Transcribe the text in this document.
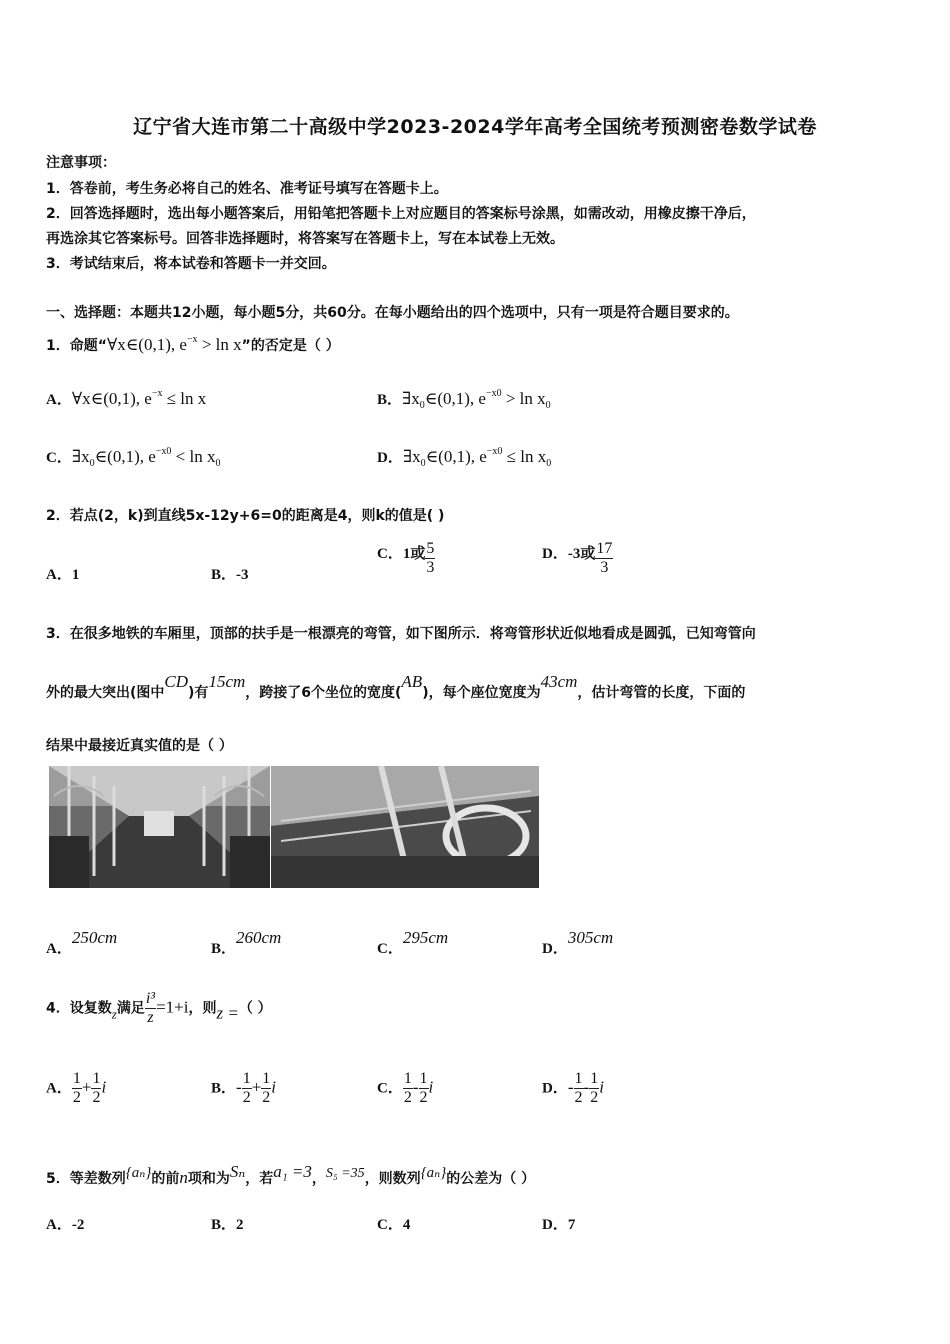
辽宁省大连市第二十高级中学2023-2024学年高考全国统考预测密卷数学试卷
注意事项：
1．答卷前，考生务必将自己的姓名、准考证号填写在答题卡上。
2．回答选择题时，选出每小题答案后，用铅笔把答题卡上对应题目的答案标号涂黑，如需改动，用橡皮擦干净后，
再选涂其它答案标号。回答非选择题时，将答案写在答题卡上，写在本试卷上无效。
3．考试结束后，将本试卷和答题卡一并交回。
一、选择题：本题共12小题，每小题5分，共60分。在每小题给出的四个选项中，只有一项是符合题目要求的。
1．命题“∀x∈(0,1), $e^{-x} > \ln x$”的否定是（ ）
A．∀x∈(0,1), $e^{-x} \le \ln x$	B．$\exists x_0\in(0,1)$, $e^{-x0} > \ln x_0$
C．$\exists x_0\in(0,1)$, $e^{-x0} < \ln x_0$	D．$\exists x_0\in(0,1)$, $e^{-x0} \le \ln x_0$
2．若点(2，k)到直线5x-12y+6=0的距离是4，则k的值是( )
A．1	B．-3
C．1或 $\frac{5}{3}$	D．-3或 $\frac{17}{3}$
3．在很多地铁的车厢里，顶部的扶手是一根漂亮的弯管，如下图所示．将弯管形状近似地看成是圆弧，已知弯管向
外的最大突出(图中CD)有15cm，跨接了6个坐位的宽度(AB)，每个座位宽度为43cm，估计弯管的长度，下面的
结果中最接近真实值的是（ ）
A．250cm
B．260cm
C．295cm
D．305cm
4．设复数z满足 $\frac{\text{i³}}{z} =1+i$，则z =（ ）
A． $\frac{1}{2} + \frac{1}{2}$ i	B．- $\frac{1}{2} + \frac{1}{2}$ i	C． $\frac{1}{2} - \frac{1}{2}$ i	D．- $\frac{1}{2} - \frac{1}{2}$ i
5．等差数列{aₙ}的前n项和为Sₙ，若a₁ =3，S₅ =35，则数列{aₙ}的公差为（ ）
A．-2	B．2	C．4	D．7
